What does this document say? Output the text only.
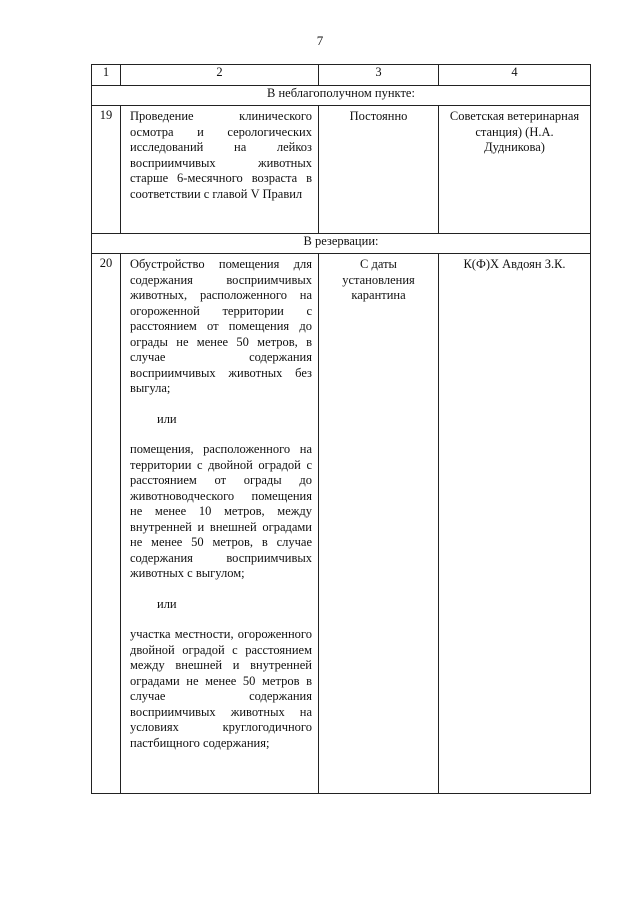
7
1	2	3	4
В неблагополучном пункте:			
19	Проведение клинического осмотра и серологических исследований на лейкоз восприимчивых животных старше 6-месячного возраста в соответствии с главой V Правил	Постоянно	Советская ветеринарная станция) (Н.А. Дудникова)
В резервации:			
20	Обустройство помещения для содержания восприимчивых животных, расположенного на огороженной территории с расстоянием от помещения до ограды не менее 50 метров, в случае содержания восприимчивых животных без выгула;

или

помещения, расположенного на территории с двойной оградой с расстоянием от ограды до животноводческого помещения не менее 10 метров, между внутренней и внешней оградами не менее 50 метров, в случае содержания восприимчивых животных с выгулом;

или

участка местности, огороженного двойной оградой с расстоянием между внешней и внутренней оградами не менее 50 метров в случае содержания восприимчивых животных на условиях круглогодичного пастбищного содержания;	С даты установления карантина	К(Ф)Х Авдоян З.К.
